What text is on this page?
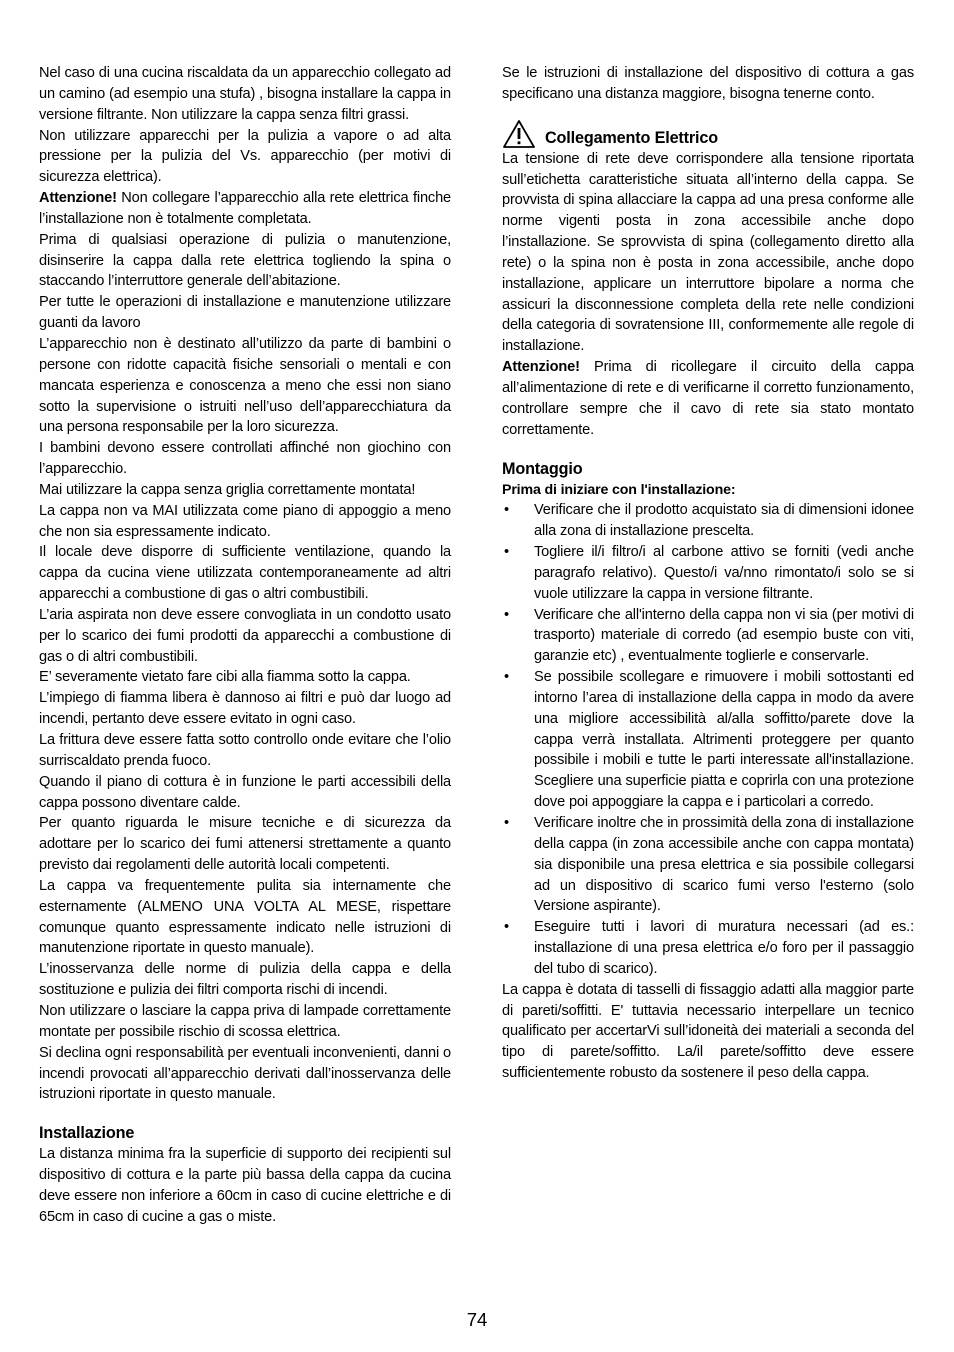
Nel caso di una cucina riscaldata da un apparecchio collegato ad un camino (ad esempio una stufa) , bisogna installare la cappa in versione filtrante. Non utilizzare la cappa senza filtri grassi.

Non utilizzare apparecchi per la pulizia a vapore o ad alta pressione per la pulizia del Vs. apparecchio (per motivi di sicurezza elettrica).

Attenzione! Non collegare l’apparecchio alla rete elettrica finche l’installazione non è totalmente completata.

Prima di qualsiasi operazione di pulizia o manutenzione, disinserire la cappa dalla rete elettrica togliendo la spina o staccando l’interruttore generale dell’abitazione.

Per tutte le operazioni di installazione e manutenzione utilizzare guanti da lavoro

L’apparecchio non è destinato all’utilizzo da parte di bambini o persone con ridotte capacità fisiche sensoriali o mentali e con mancata esperienza e conoscenza a meno che essi non siano sotto la supervisione o istruiti nell’uso dell’apparecchiatura da una persona responsabile per la loro sicurezza.

I bambini devono essere controllati affinché non giochino con l’apparecchio.

Mai utilizzare la cappa senza griglia correttamente montata!

La cappa non va MAI utilizzata come piano di appoggio a meno che non sia espressamente indicato.

Il locale deve disporre di sufficiente ventilazione, quando la cappa da cucina viene utilizzata contemporaneamente ad altri apparecchi a combustione di gas o altri combustibili.

L’aria aspirata non deve essere convogliata in un condotto usato per lo scarico dei fumi prodotti da apparecchi a combustione di gas o di altri combustibili.

E’ severamente vietato fare cibi alla fiamma sotto la cappa.

L’impiego di fiamma libera è dannoso ai filtri e può dar luogo ad incendi, pertanto deve essere evitato in ogni caso.

La frittura deve essere fatta sotto controllo onde evitare che l’olio surriscaldato prenda fuoco.

Quando il piano di cottura è in funzione le parti accessibili della cappa possono diventare calde.

Per quanto riguarda le misure tecniche e di sicurezza da adottare per lo scarico dei fumi attenersi strettamente a quanto previsto dai regolamenti delle autorità locali competenti.

La cappa va frequentemente pulita sia internamente che esternamente (ALMENO UNA VOLTA AL MESE, rispettare comunque quanto espressamente indicato nelle istruzioni di manutenzione riportate in questo manuale).

L’inosservanza delle norme di pulizia della cappa e della sostituzione e pulizia dei filtri comporta rischi di incendi.

Non utilizzare o lasciare la cappa priva di lampade correttamente montate per possibile rischio di scossa elettrica.

Si declina ogni responsabilità per eventuali inconvenienti, danni o incendi provocati all’apparecchio derivati dall’inosservanza delle istruzioni riportate in questo manuale.

Installazione

La distanza minima fra la superficie di supporto dei recipienti sul dispositivo di cottura e la parte più bassa della cappa da cucina deve essere non inferiore a 60cm in caso di cucine elettriche e di 65cm in caso di cucine a gas o miste.

Se le istruzioni di installazione del dispositivo di cottura a gas specificano una distanza maggiore, bisogna tenerne conto.

Collegamento Elettrico

La tensione di rete deve corrispondere alla tensione riportata sull’etichetta caratteristiche situata all’interno della cappa. Se provvista di spina allacciare la cappa ad una presa conforme alle norme vigenti posta in zona accessibile anche dopo l’installazione. Se sprovvista di spina (collegamento diretto alla rete) o la spina non è posta in zona accessibile, anche dopo installazione, applicare un interruttore bipolare a norma che assicuri la disconnessione completa della rete nelle condizioni della categoria di sovratensione III, conformemente alle regole di installazione.

Attenzione! Prima di ricollegare il circuito della cappa all’alimentazione di rete e di verificarne il corretto funzionamento, controllare sempre che il cavo di rete sia stato montato correttamente.

Montaggio

Prima di iniziare con l'installazione:

• Verificare che il prodotto acquistato sia di dimensioni idonee alla zona di installazione prescelta.
• Togliere il/i filtro/i al carbone attivo se forniti (vedi anche paragrafo relativo). Questo/i va/nno rimontato/i solo se si vuole utilizzare la cappa in versione filtrante.
• Verificare che all'interno della cappa non vi sia (per motivi di trasporto) materiale di corredo (ad esempio buste con viti, garanzie etc) , eventualmente toglierle e conservarle.
• Se possibile scollegare e rimuovere i mobili sottostanti ed intorno l’area di installazione della cappa in modo da avere una migliore accessibilità al/alla soffitto/parete dove la cappa verrà installata. Altrimenti proteggere per quanto possibile i mobili e tutte le parti interessate all'installazione. Scegliere una superficie piatta e coprirla con una protezione dove poi appoggiare la cappa e i particolari a corredo.
• Verificare inoltre che in prossimità della zona di installazione della cappa (in zona accessibile anche con cappa montata) sia disponibile una presa elettrica e sia possibile collegarsi ad un dispositivo di scarico fumi verso l'esterno (solo Versione aspirante).
• Eseguire tutti i lavori di muratura necessari (ad es.: installazione di una presa elettrica e/o foro per il passaggio del tubo di scarico).

La cappa è dotata di tasselli di fissaggio adatti alla maggior parte di pareti/soffitti. E' tuttavia necessario interpellare un tecnico qualificato per accertarVi sull’idoneità dei materiali a seconda del tipo di parete/soffitto. La/il parete/soffitto deve essere sufficientemente robusto da sostenere il peso della cappa.

74
